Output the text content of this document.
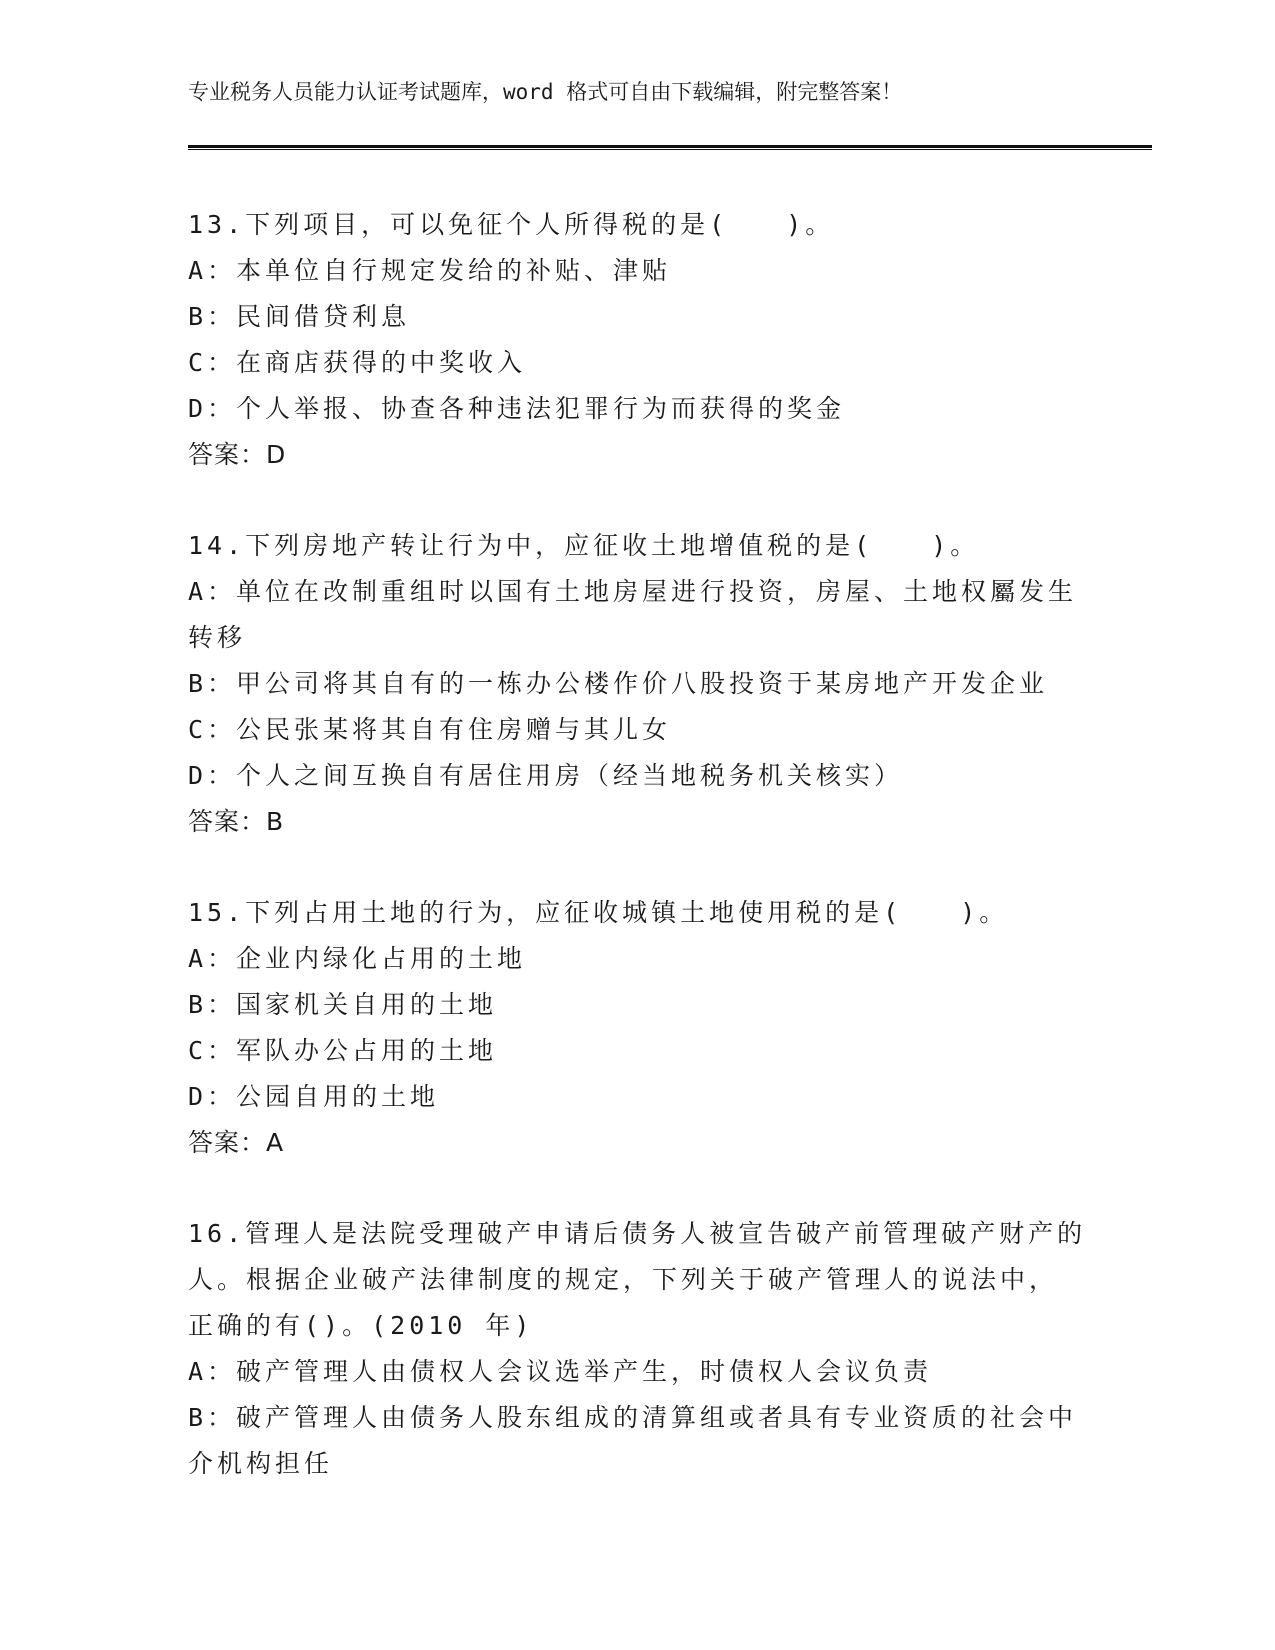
专业税务人员能力认证考试题库，word 格式可自由下载编辑，附完整答案！
13.下列项目，可以免征个人所得税的是(　　)。
A：本单位自行规定发给的补贴、津贴
B：民间借贷利息
C：在商店获得的中奖收入
D：个人举报、协查各种违法犯罪行为而获得的奖金
答案：D
14.下列房地产转让行为中，应征收土地增值税的是(　　)。
A：单位在改制重组时以国有土地房屋进行投资，房屋、土地权屬发生
转移
B：甲公司将其自有的一栋办公楼作价八股投资于某房地产开发企业
C：公民张某将其自有住房赠与其儿女
D：个人之间互换自有居住用房（经当地税务机关核实）
答案：B
15.下列占用土地的行为，应征收城镇土地使用税的是(　　)。
A：企业内绿化占用的土地
B：国家机关自用的土地
C：军队办公占用的土地
D：公园自用的土地
答案：A
16.管理人是法院受理破产申请后债务人被宣告破产前管理破产财产的
人。根据企业破产法律制度的规定，下列关于破产管理人的说法中，
正确的有()。(2010 年)
A：破产管理人由债权人会议选举产生，时债权人会议负责
B：破产管理人由债务人股东组成的清算组或者具有专业资质的社会中
介机构担任
